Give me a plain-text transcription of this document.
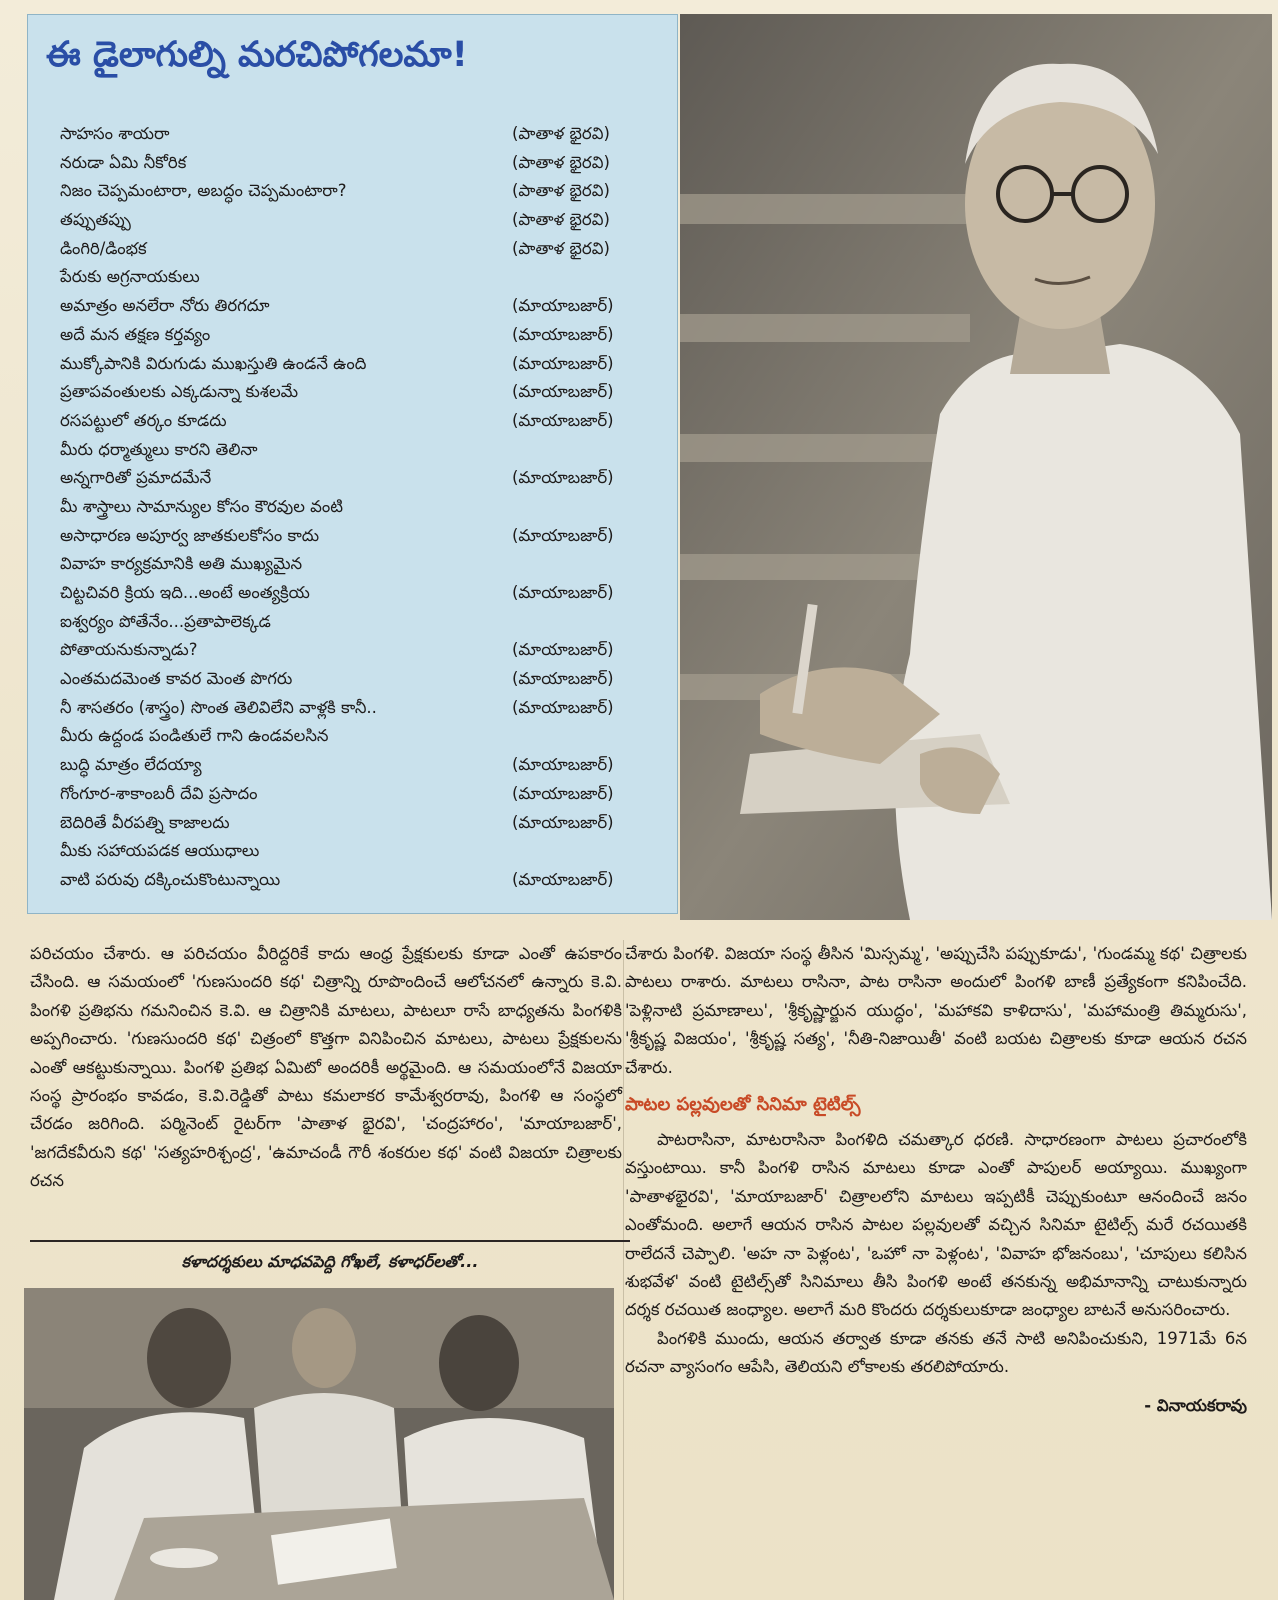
ఈ డైలాగుల్ని మరచిపోగలమా!
సాహసం శాయరా	(పాతాళ భైరవి)
నరుడా ఏమి నీకోరిక	(పాతాళ భైరవి)
నిజం చెప్పమంటారా, అబద్ధం చెప్పమంటారా?	(పాతాళ భైరవి)
తప్పుతప్పు	(పాతాళ భైరవి)
డింగిరి/డింభక	(పాతాళ భైరవి)
పేరుకు అగ్రనాయకులు
అమాత్రం అనలేరా నోరు తిరగదూ	(మాయాబజార్)
అదే మన తక్షణ కర్తవ్యం	(మాయాబజార్)
ముక్కోపానికి విరుగుడు ముఖస్తుతి ఉండనే ఉంది	(మాయాబజార్)
ప్రతాపవంతులకు ఎక్కడున్నా కుశలమే	(మాయాబజార్)
రసపట్టులో తర్కం కూడదు	(మాయాబజార్)
మీరు ధర్మాత్ములు కారని తెలినా
అన్నగారితో ప్రమాదమేనే	(మాయాబజార్)
మీ శాస్త్రాలు సామాన్యుల కోసం కౌరవుల వంటి
అసాధారణ అపూర్వ జాతకులకోసం కాదు	(మాయాబజార్)
వివాహ కార్యక్రమానికి అతి ముఖ్యమైన
చిట్టచివరి క్రియ ఇది...అంటే అంత్యక్రియ	(మాయాబజార్)
ఐశ్వర్యం పోతేనేం...ప్రతాపాలెక్కడ
పోతాయనుకున్నాడు?	(మాయాబజార్)
ఎంతమదమెంత కావర మెంత పొగరు	(మాయాబజార్)
నీ శాసతరం (శాస్త్రం) సొంత తెలివిలేని వాళ్లకి కానీ..	(మాయాబజార్)
మీరు ఉద్దండ పండితులే గాని ఉండవలసిన
బుద్ధి మాత్రం లేదయ్యా	(మాయాబజార్)
గోంగూర-శాకాంబరీ దేవి ప్రసాదం	(మాయాబజార్)
బెదిరితే వీరపత్ని కాజాలదు	(మాయాబజార్)
మీకు సహాయపడక ఆయుధాలు
వాటి పరువు దక్కించుకొంటున్నాయి	(మాయాబజార్)

పరిచయం చేశారు. ఆ పరిచయం వీరిద్దరికే కాదు ఆంధ్ర ప్రేక్షకులకు కూడా ఎంతో ఉపకారం చేసింది. ఆ సమయంలో 'గుణసుందరి కథ' చిత్రాన్ని రూపొందించే ఆలోచనలో ఉన్నారు కె.వి. పింగళి ప్రతిభను గమనించిన కె.వి. ఆ చిత్రానికి మాటలు, పాటలూ రాసే బాధ్యతను పింగళికి అప్పగించారు. 'గుణసుందరి కథ' చిత్రంలో కొత్తగా వినిపించిన మాటలు, పాటలు ప్రేక్షకులను ఎంతో ఆకట్టుకున్నాయి. పింగళి ప్రతిభ ఏమిటో అందరికీ అర్థమైంది. ఆ సమయంలోనే విజయా సంస్థ ప్రారంభం కావడం, కె.వి.రెడ్డితో పాటు కమలాకర కామేశ్వరరావు, పింగళి ఆ సంస్థలో చేరడం జరిగింది. పర్మినెంట్ రైటర్‌గా 'పాతాళ భైరవి', 'చంద్రహారం', 'మాయాబజార్', 'జగదేకవీరుని కథ' 'సత్యహరిశ్చంద్ర', 'ఉమాచండీ గౌరీ శంకరుల కథ' వంటి విజయా చిత్రాలకు రచన

కళాదర్శకులు మాధవపెద్ది గోఖలే, కళాధర్‌లతో...

చేశారు పింగళి. విజయా సంస్థ తీసిన 'మిస్సమ్మ', 'అప్పుచేసి పప్పుకూడు', 'గుండమ్మ కథ' చిత్రాలకు పాటలు రాశారు. మాటలు రాసినా, పాట రాసినా అందులో పింగళి బాణీ ప్రత్యేకంగా కనిపించేది. 'పెళ్లినాటి ప్రమాణాలు', 'శ్రీకృష్ణార్జున యుద్ధం', 'మహాకవి కాళిదాసు', 'మహామంత్రి తిమ్మరుసు', 'శ్రీకృష్ణ విజయం', 'శ్రీకృష్ణ సత్య', 'నీతి-నిజాయితీ' వంటి బయట చిత్రాలకు కూడా ఆయన రచన చేశారు.

పాటల పల్లవులతో సినిమా టైటిల్స్

పాటరాసినా, మాటరాసినా పింగళిది చమత్కార ధరణి. సాధారణంగా పాటలు ప్రచారంలోకి వస్తుంటాయి. కానీ పింగళి రాసిన మాటలు కూడా ఎంతో పాపులర్ అయ్యాయి. ముఖ్యంగా 'పాతాళభైరవి', 'మాయాబజార్' చిత్రాలలోని మాటలు ఇప్పటికీ చెప్పుకుంటూ ఆనందించే జనం ఎంతోమంది. అలాగే ఆయన రాసిన పాటల పల్లవులతో వచ్చిన సినిమా టైటిల్స్ మరే రచయితకి రాలేదనే చెప్పాలి. 'అహ నా పెళ్లంట', 'ఒహో నా పెళ్లంట', 'వివాహ భోజనంబు', 'చూపులు కలిసిన శుభవేళ' వంటి టైటిల్స్‌తో సినిమాలు తీసి పింగళి అంటే తనకున్న అభిమానాన్ని చాటుకున్నారు దర్శక రచయిత జంధ్యాల. అలాగే మరి కొందరు దర్శకులుకూడా జంధ్యాల బాటనే అనుసరించారు.

పింగళికి ముందు, ఆయన తర్వాత కూడా తనకు తనే సాటి అనిపించుకుని, 1971మే 6న రచనా వ్యాసంగం ఆపేసి, తెలియని లోకాలకు తరలిపోయారు.

- వినాయకరావు
